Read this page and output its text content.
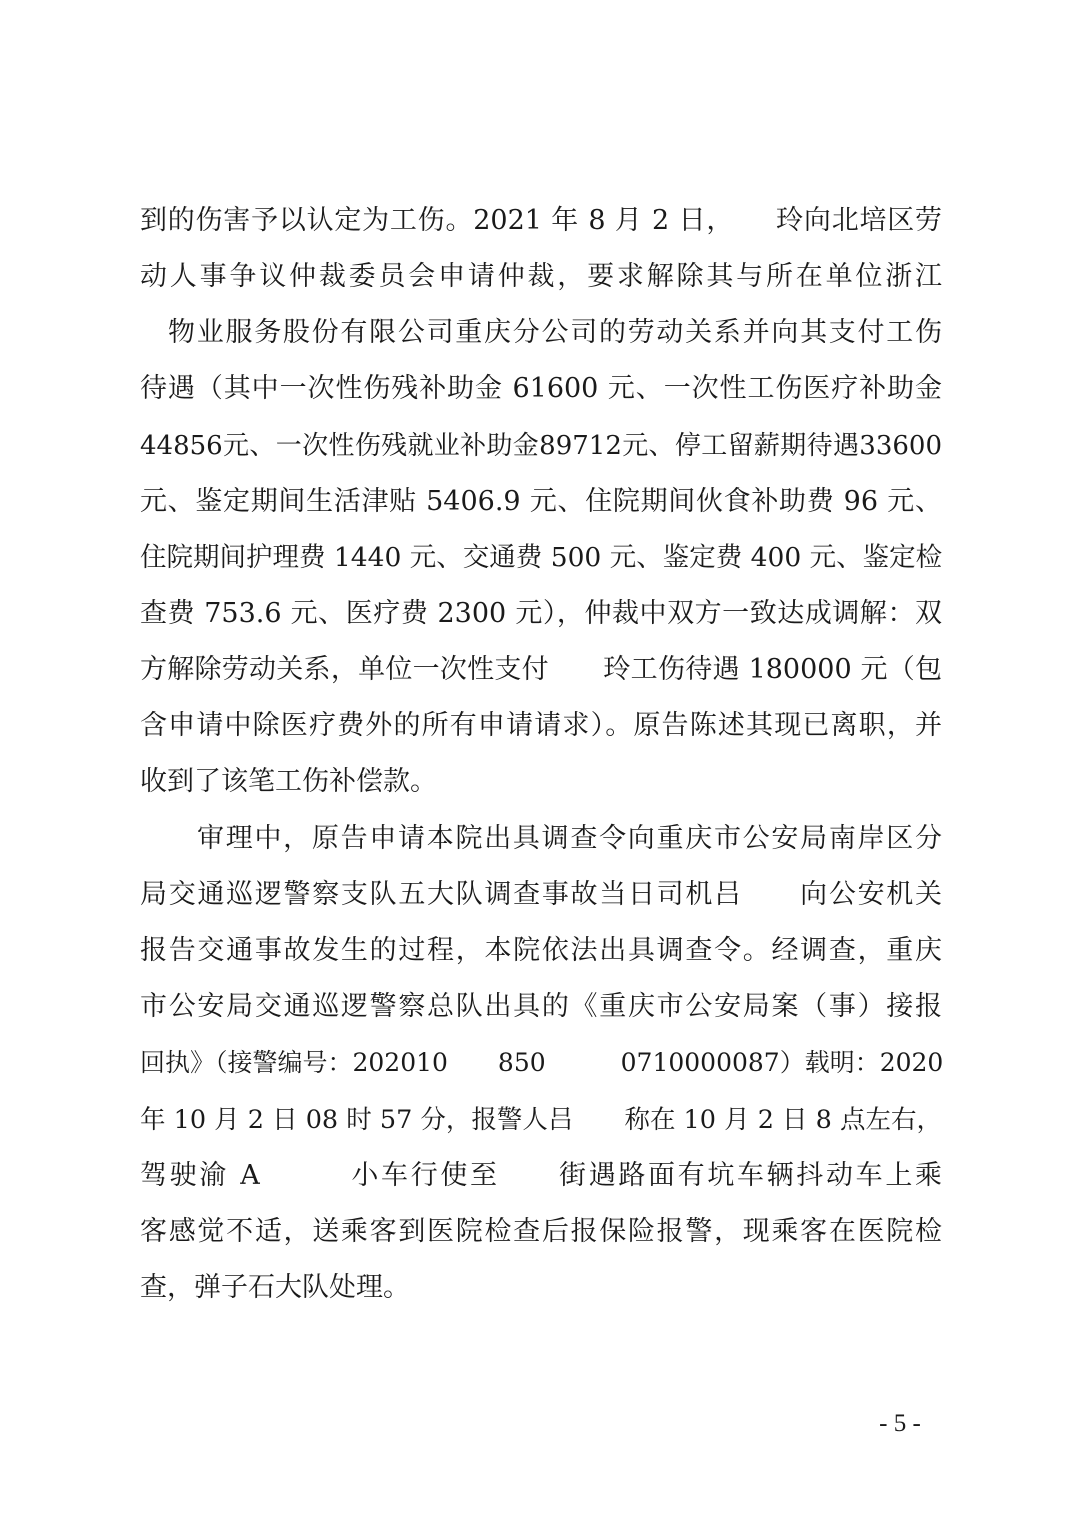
到的伤害予以认定为工伤。2021 年 8 月 2 日，　　玲向北培区劳
动人事争议仲裁委员会申请仲裁，要求解除其与所在单位浙江
物业服务股份有限公司重庆分公司的劳动关系并向其支付工伤
待遇（其中一次性伤残补助金 61600 元、一次性工伤医疗补助金
44856元、一次性伤残就业补助金89712元、停工留薪期待遇33600
元、鉴定期间生活津贴 5406.9 元、住院期间伙食补助费 96 元、
住院期间护理费 1440 元、交通费 500 元、鉴定费 400 元、鉴定检
查费 753.6 元、医疗费 2300 元），仲裁中双方一致达成调解：双
方解除劳动关系，单位一次性支付　　玲工伤待遇 180000 元（包
含申请中除医疗费外的所有申请请求）。原告陈述其现已离职，并
收到了该笔工伤补偿款。
审理中，原告申请本院出具调查令向重庆市公安局南岸区分
局交通巡逻警察支队五大队调查事故当日司机吕　　向公安机关
报告交通事故发生的过程，本院依法出具调查令。经调查，重庆
市公安局交通巡逻警察总队出具的《重庆市公安局案（事）接报
回执》（接警编号：202010　　850　　　0710000087）载明：2020
年 10 月 2 日 08 时 57 分，报警人吕　　称在 10 月 2 日 8 点左右，
驾驶渝 A　　　小车行使至　　街遇路面有坑车辆抖动车上乘
客感觉不适，送乘客到医院检查后报保险报警，现乘客在医院检
查，弹子石大队处理。
- 5 -
